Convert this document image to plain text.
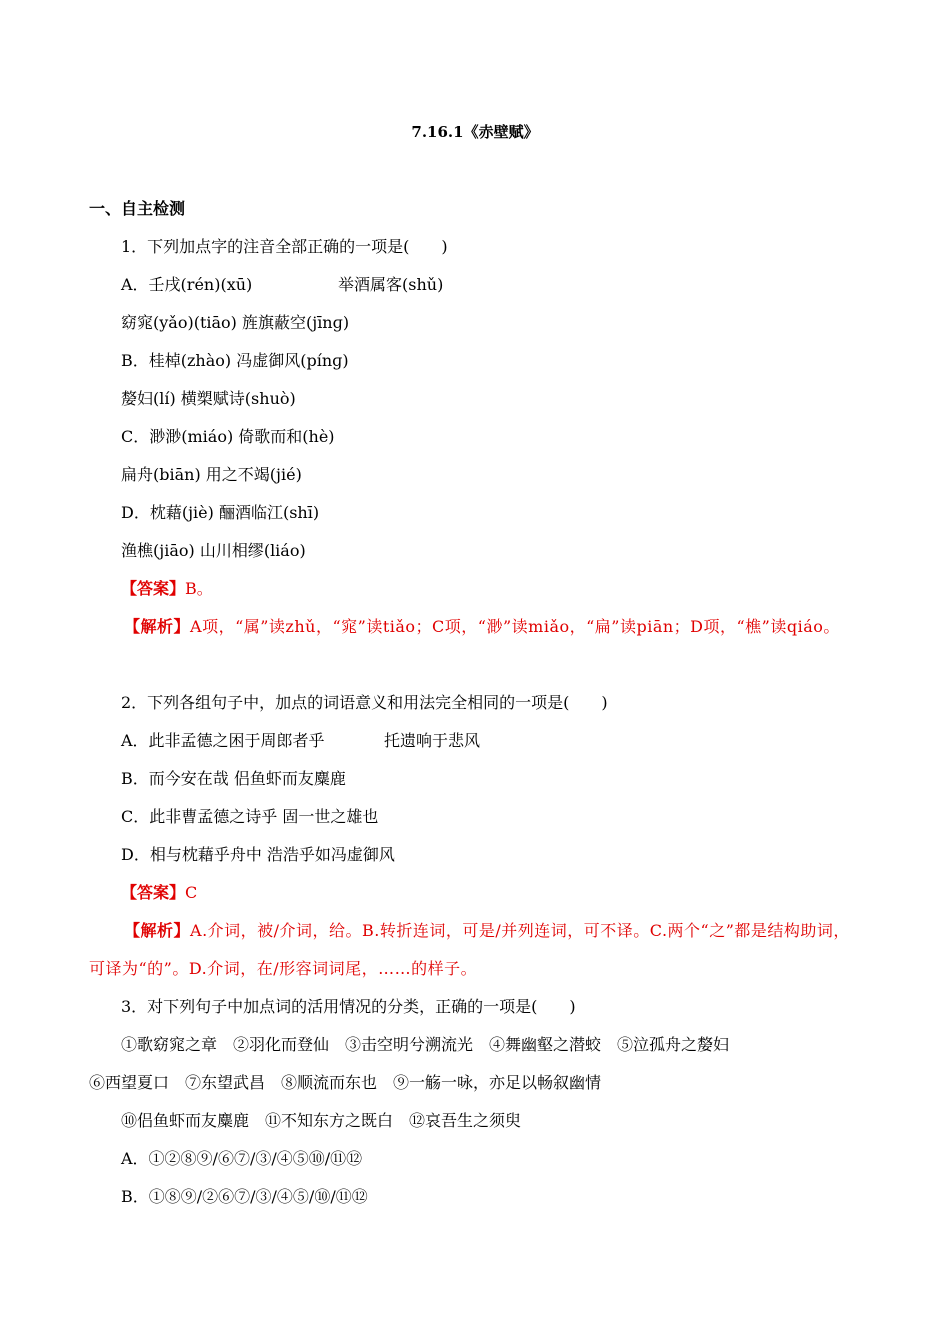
7.16.1《赤壁赋》
一、自主检测
1．下列加点字的注音全部正确的一项是(　　)
A．壬戌(rén)(xū)	举酒属客(shǔ)
窈窕(yǎo)(tiāo) 旌旗蔽空(jīnɡ)
B．桂棹(zhào) 冯虚御风(pínɡ)
嫠妇(lí) 横槊赋诗(shuò)
C．渺渺(miáo) 倚歌而和(hè)
扁舟(biān) 用之不竭(jié)
D．枕藉(jiè) 酾酒临江(shī)
渔樵(jiāo) 山川相缪(liáo)
【答案】B。
【解析】A项，“属”读zhǔ，“窕”读tiǎo；C项，“渺”读miǎo，“扁”读piān；D项，“樵”读qiáo。
2．下列各组句子中，加点的词语意义和用法完全相同的一项是(　　)
A．此非孟德之困于周郎者乎	托遗响于悲风
B．而今安在哉 侣鱼虾而友麋鹿
C．此非曹孟德之诗乎 固一世之雄也
D．相与枕藉乎舟中 浩浩乎如冯虚御风
【答案】C
【解析】A.介词，被/介词，给。B.转折连词，可是/并列连词，可不译。C.两个“之”都是结构助词，可译为“的”。D.介词，在/形容词词尾，……的样子。
3．对下列句子中加点词的活用情况的分类，正确的一项是(　　)
①歌窈窕之章　②羽化而登仙　③击空明兮溯流光　④舞幽壑之潜蛟　⑤泣孤舟之嫠妇
⑥西望夏口　⑦东望武昌　⑧顺流而东也　⑨一觞一咏，亦足以畅叙幽情
⑩侣鱼虾而友麋鹿　⑪不知东方之既白　⑫哀吾生之须臾
A．①②⑧⑨/⑥⑦/③/④⑤⑩/⑪⑫
B．①⑧⑨/②⑥⑦/③/④⑤/⑩/⑪⑫
